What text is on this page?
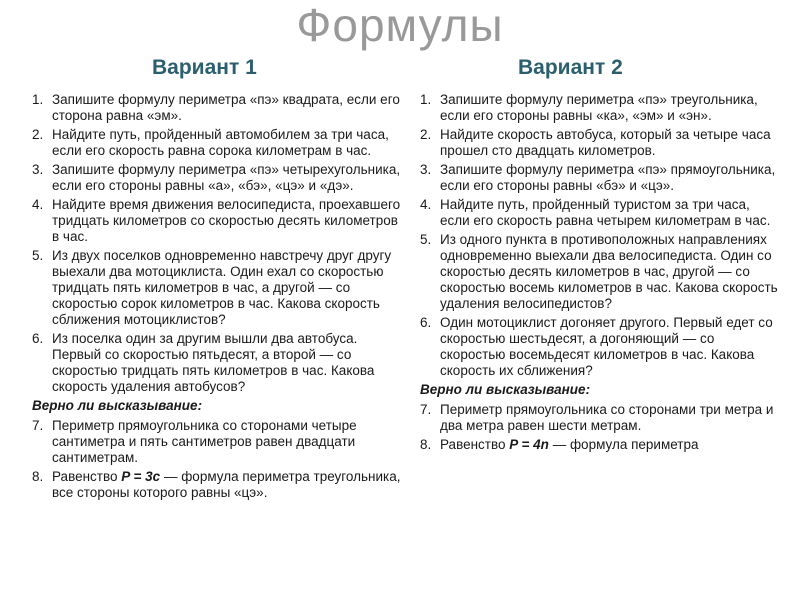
Формулы
Вариант 1	Вариант 2
1. Запишите формулу периметра «пэ» квадрата, если его сторона равна «эм».
2. Найдите путь, пройденный автомобилем за три часа, если его скорость равна сорока километрам в час.
3. Запишите формулу периметра «пэ» четырехугольника, если его стороны равны «а», «бэ», «цэ» и «дэ».
4. Найдите время движения велосипедиста, проехавшего тридцать километров со скоростью десять километров в час.
5. Из двух поселков одновременно навстречу друг другу выехали два мотоциклиста. Один ехал со скоростью тридцать пять километров в час, а другой — со скоростью сорок километров в час. Какова скорость сближения мотоциклистов?
6. Из поселка один за другим вышли два автобуса. Первый со скоростью пятьдесят, а второй — со скоростью тридцать пять километров в час. Какова скорость удаления автобусов?
Верно ли высказывание:
7. Периметр прямоугольника со сторонами четыре сантиметра и пять сантиметров равен двадцати сантиметрам.
8. Равенство P = 3c — формула периметра треугольника, все стороны которого равны «цэ».
1. Запишите формулу периметра «пэ» треугольника, если его стороны равны «ка», «эм» и «эн».
2. Найдите скорость автобуса, который за четыре часа прошел сто двадцать километров.
3. Запишите формулу периметра «пэ» прямоугольника, если его стороны равны «бэ» и «цэ».
4. Найдите путь, пройденный туристом за три часа, если его скорость равна четырем километрам в час.
5. Из одного пункта в противоположных направлениях одновременно выехали два велосипедиста. Один со скоростью десять километров в час, другой — со скоростью восемь километров в час. Какова скорость удаления велосипедистов?
6. Один мотоциклист догоняет другого. Первый едет со скоростью шестьдесят, а догоняющий — со скоростью восемьдесят километров в час. Какова скорость их сближения?
Верно ли высказывание:
7. Периметр прямоугольника со сторонами три метра и два метра равен шести метрам.
8. Равенство P = 4n — формула периметра
